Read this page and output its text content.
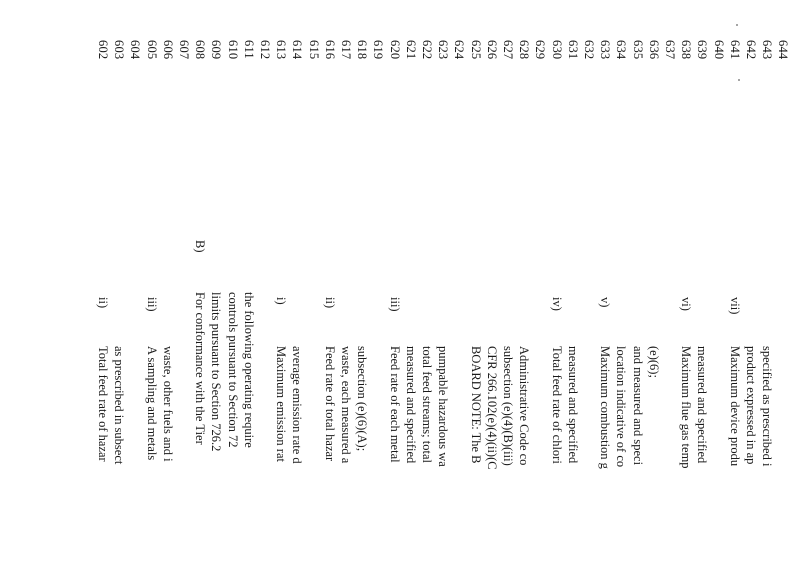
602
ii)
Total feed rate of hazar
603
as prescribed in subsect
604 605
iii)
A sampling and metals
606
waste, other fuels and i
607 608
B)
For conformance with the Tier
609
limits pursuant to Section 726.2
610
controls pursuant to Section 72
611
the following operating require
612 613
i)
Maximum emission rat
614
average emission rate d
615 616
ii)
Feed rate of total hazar
617
waste, each measured a
618
subsection (e)(6)(A);
619 620
iii)
Feed rate of each metal
621
measured and specified
622
total feed streams; total
623
pumpable hazardous wa
624 625
BOARD NOTE: The B
626
CFR 266.102(e)(4)(ii)(C
627
subsection (e)(4)(B)(iii)
628
Administrative Code co
629 630
iv)
Total feed rate of chlori
631
measured and specified
632 633
v)
Maximum combustion g
634
location indicative of co
635
and measured and speci
636
(e)(6);
637 638
vi)
Maximum flue gas temp
639
measured and specified
640 641
vii)
Maximum device produ
642
product expressed in ap
643
specified as prescribed i
644
